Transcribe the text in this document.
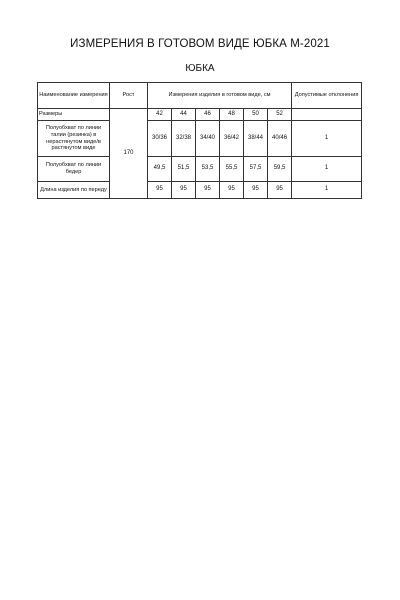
ИЗМЕРЕНИЯ В ГОТОВОМ ВИДЕ ЮБКА М-2021
ЮБКА
Наименование измерения	Рост	Измерения изделия в готовом виде, см						Допустимые отклонения
Размеры	170	42	44	46	48	50	52	
Полуобхват по линии талии (резинка) в нерастянутом виде/в растянутом виде		30/36	32/38	34/40	36/42	38/44	40/46	1
Полуобхват по линии бедер		49,5	51,5	53,5	55,5	57,5	59,5	1
Длина изделия по переду		95	95	95	95	95	95	1
